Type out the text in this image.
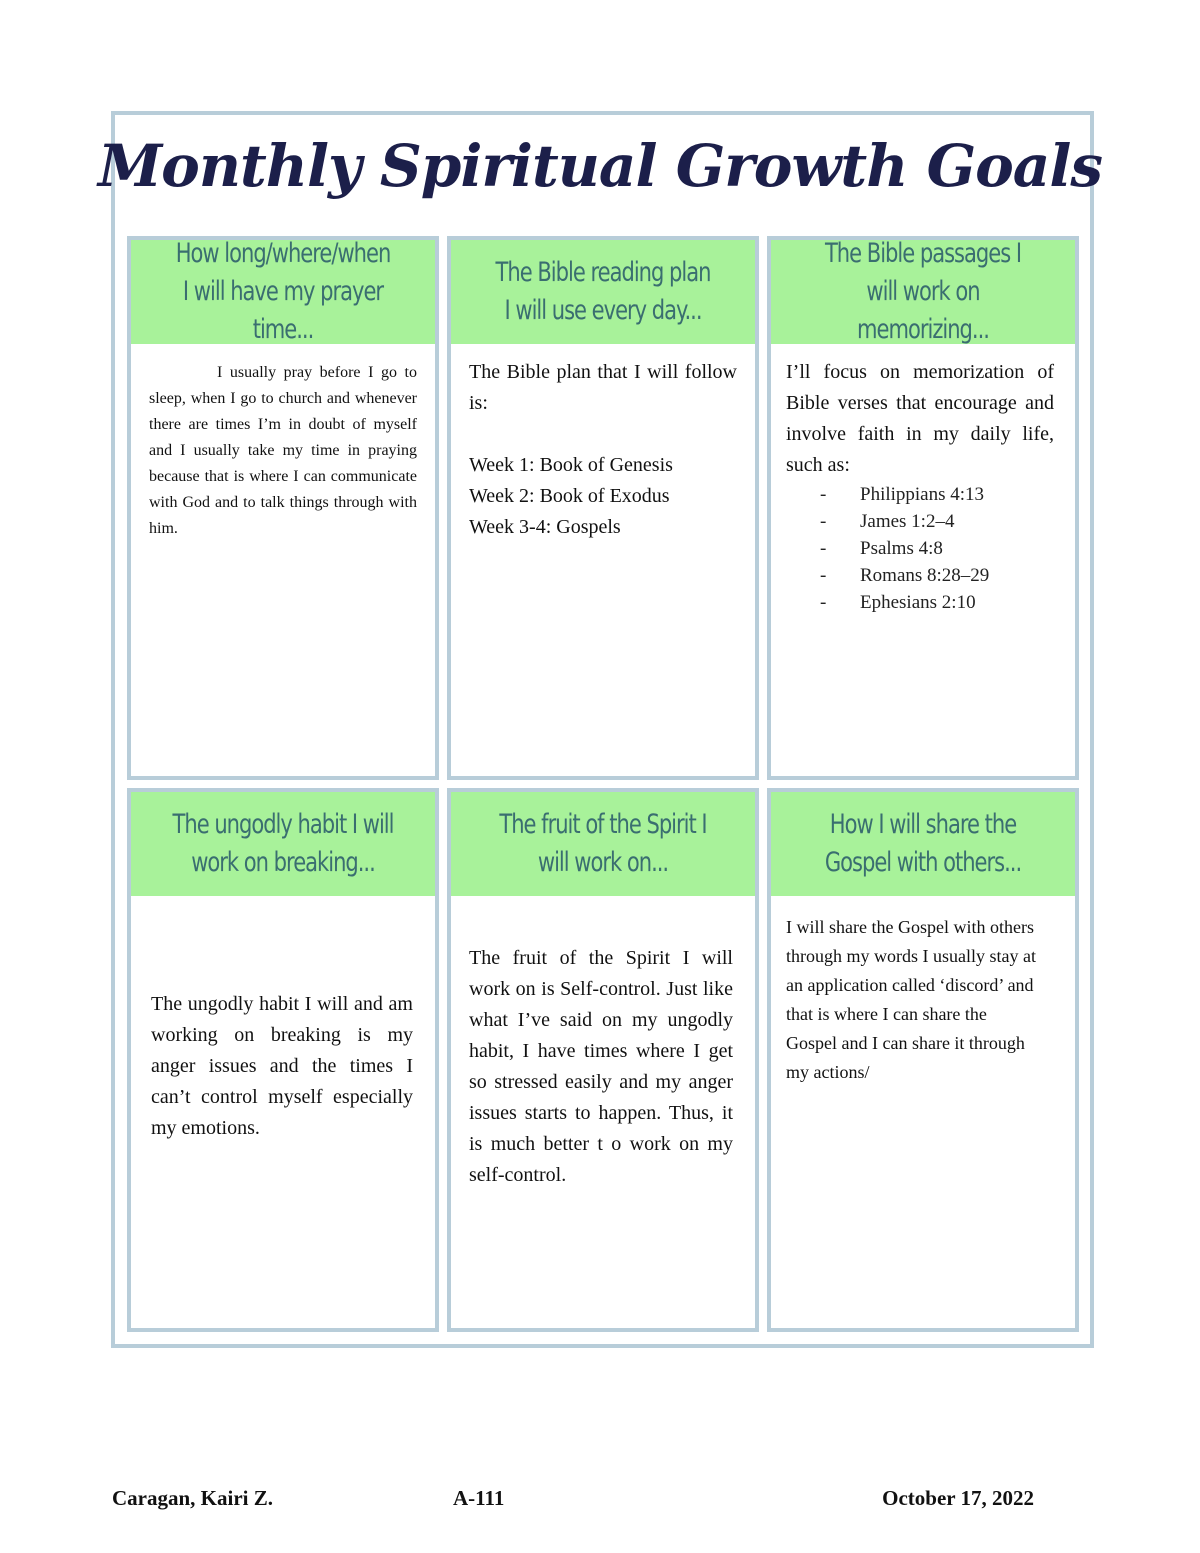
Monthly Spiritual Growth Goals
How long/where/when I will have my prayer time...

I usually pray before I go to sleep, when I go to church and whenever there are times I’m in doubt of myself and I usually take my time in praying because that is where I can communicate with God and to talk things through with him.

The Bible reading plan I will use every day...

The Bible plan that I will follow is:

Week 1: Book of Genesis

Week 2: Book of Exodus

Week 3-4: Gospels

The Bible passages I will work on memorizing...

I’ll focus on memorization of Bible verses that encourage and involve faith in my daily life, such as:

-	Philippians 4:13
-	James 1:2–4
-	Psalms 4:8
-	Romans 8:28–29
-	Ephesians 2:10
The ungodly habit I will work on breaking...

The ungodly habit I will and am working on breaking is my anger issues and the times I can’t control myself especially my emotions.

The fruit of the Spirit I will work on...

The fruit of the Spirit I will work on is Self-control. Just like what I’ve said on my ungodly habit, I have times where I get so stressed easily and my anger issues starts to happen. Thus, it is much better t o work on my self-control.

How I will share the Gospel with others...

I will share the Gospel with others through my words I usually stay at an application called ‘discord’ and that is where I can share the Gospel and I can share it through my actions/

Caragan, Kairi Z.	A-111	October 17, 2022
